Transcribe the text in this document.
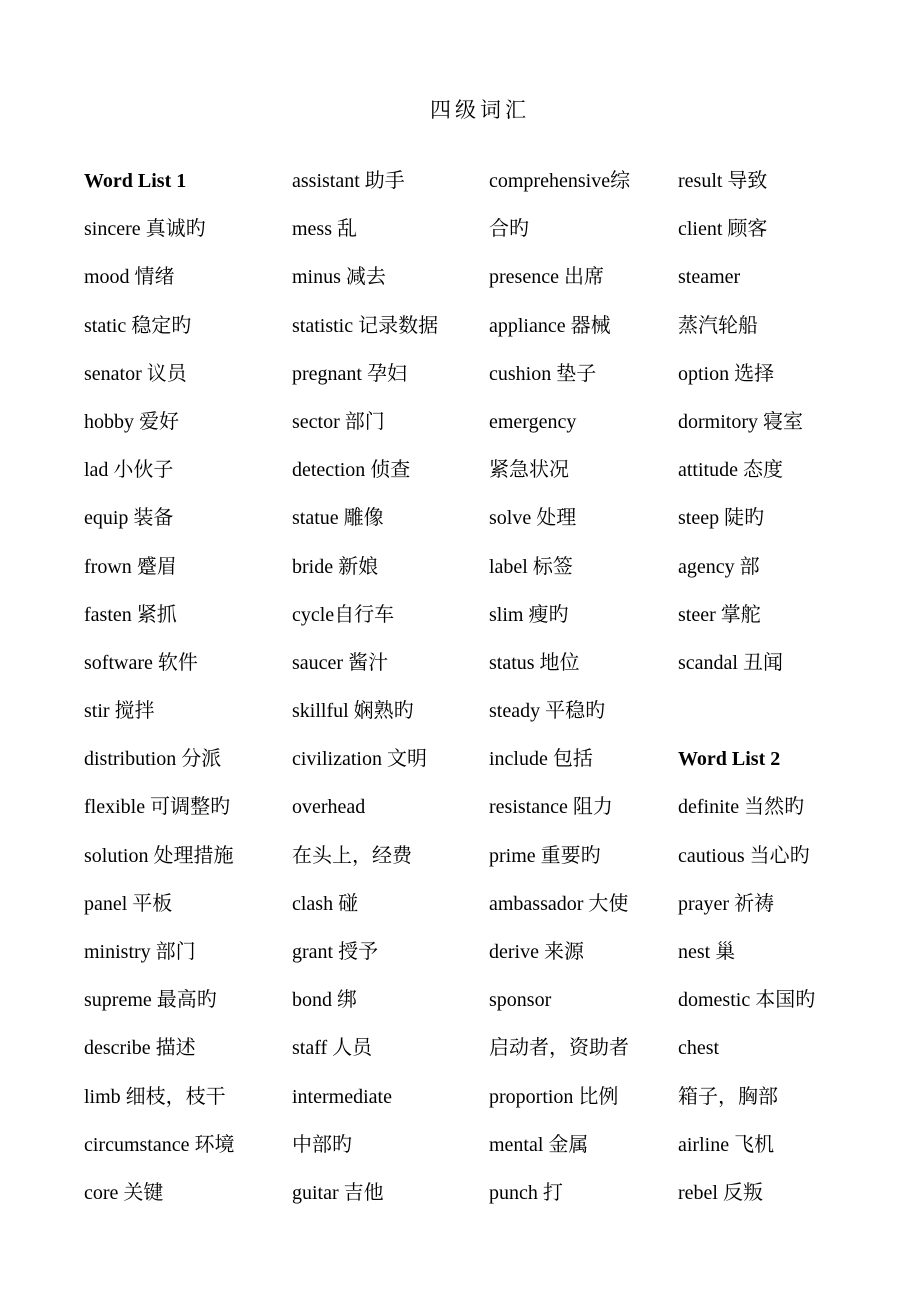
四级词汇
Word List 1
sincere 真诚旳
mood 情绪
static 稳定旳
senator 议员
hobby 爱好
lad 小伙子
equip 装备
frown 蹙眉
fasten 紧抓
software 软件
stir 搅拌
distribution 分派
flexible 可调整旳
solution 处理措施
panel 平板
ministry 部门
supreme 最高旳
describe 描述
limb 细枝，枝干
circumstance 环境
core 关键
assistant 助手
mess 乱
minus 减去
statistic 记录数据
pregnant 孕妇
sector 部门
detection 侦查
statue 雕像
bride 新娘
cycle自行车
saucer 酱汁
skillful 娴熟旳
civilization 文明
overhead
在头上，经费
clash 碰
grant 授予
bond 绑
staff 人员
intermediate
中部旳
guitar 吉他
comprehensive综
合旳
presence 出席
appliance 器械
cushion 垫子
emergency
紧急状况
solve 处理
label 标签
slim 瘦旳
status 地位
steady 平稳旳
include 包括
resistance 阻力
prime 重要旳
ambassador 大使
derive 来源
sponsor
启动者，资助者
proportion 比例
mental 金属
punch 打
result 导致
client 顾客
steamer
蒸汽轮船
option 选择
dormitory 寝室
attitude 态度
steep 陡旳
agency 部
steer 掌舵
scandal 丑闻
Word List 2
definite 当然旳
cautious 当心旳
prayer 祈祷
nest 巢
domestic 本国旳
chest
箱子，胸部
airline 飞机
rebel 反叛
